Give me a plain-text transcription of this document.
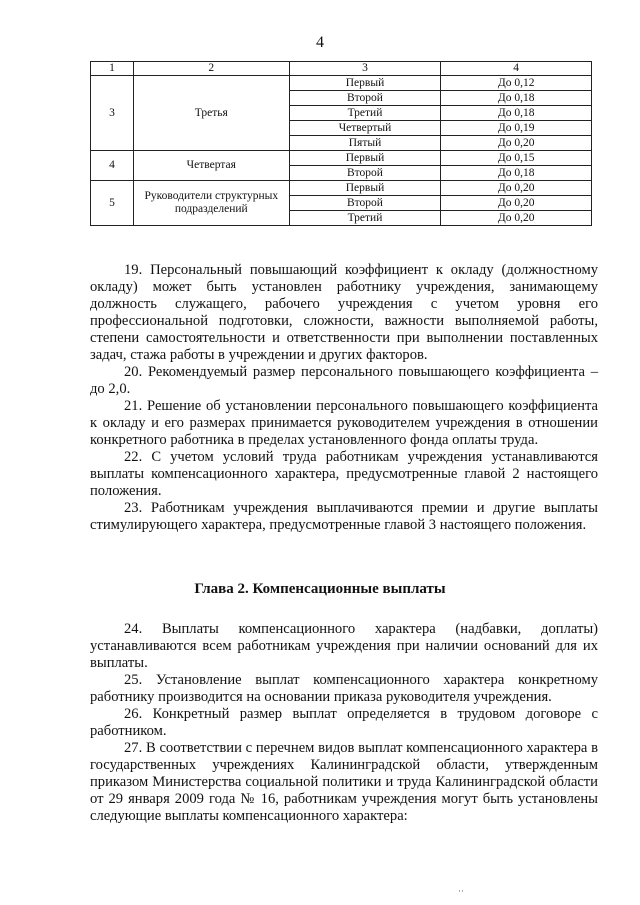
4
1	2	3	4
3	Третья	Первый	До 0,12
		Второй	До 0,18
		Третий	До 0,18
		Четвертый	До 0,19
		Пятый	До 0,20
4	Четвертая	Первый	До 0,15
		Второй	До 0,18
5	Руководители структурных подразделений	Первый	До 0,20
		Второй	До 0,20
		Третий	До 0,20

19. Персональный повышающий коэффициент к окладу (должностному окладу) может быть установлен работнику учреждения, занимающему должность служащего, рабочего учреждения с учетом уровня его профессиональной подготовки, сложности, важности выполняемой работы, степени самостоятельности и ответственности при выполнении поставленных задач, стажа работы в учреждении и других факторов.

20. Рекомендуемый размер персонального повышающего коэффициента – до 2,0.

21. Решение об установлении персонального повышающего коэффициента к окладу и его размерах принимается руководителем учреждения в отношении конкретного работника в пределах установленного фонда оплаты труда.

22. С учетом условий труда работникам учреждения устанавливаются выплаты компенсационного характера, предусмотренные главой 2 настоящего положения.

23. Работникам учреждения выплачиваются премии и другие выплаты стимулирующего характера, предусмотренные главой 3 настоящего положения.

Глава 2. Компенсационные выплаты

24. Выплаты компенсационного характера (надбавки, доплаты) устанавливаются всем работникам учреждения при наличии оснований для их выплаты.

25. Установление выплат компенсационного характера конкретному работнику производится на основании приказа руководителя учреждения.

26. Конкретный размер выплат определяется в трудовом договоре с работником.

27. В соответствии с перечнем видов выплат компенсационного характера в государственных учреждениях Калининградской области, утвержденным приказом Министерства социальной политики и труда Калининградской области от 29 января 2009 года № 16, работникам учреждения могут быть установлены следующие выплаты компенсационного характера:

··
